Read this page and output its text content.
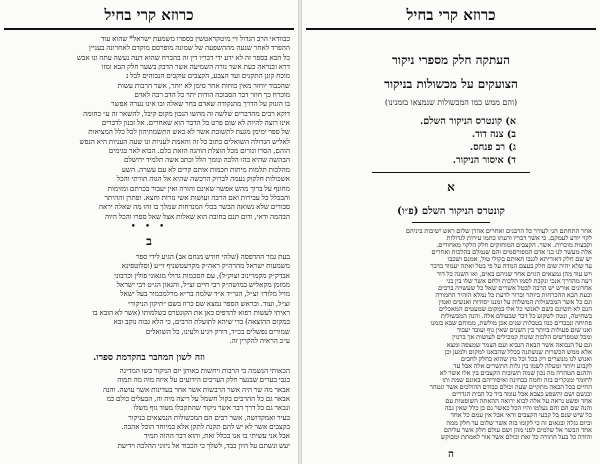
כרוזא קרי בחיל
כבוודאי הרב הגדול זיי מיטקראטשין בספרו משמעת ישראל* שהוא עוד
ההפרד לאחר שנעה מההשפעה של שמונה מופרסם מוקדם לאחרונה בעניין
כל הבא בספר זה לא ידע ידי דבריו דין זה בהכרח שהוא דעה נעשה עתה ונו אבש
דרא וכנראה כעת אשר נזרה השמיעה אשר הדבק בשער חלק הבא ומזו
מוכח קונן התקנים ועד הצבע, הקצבים עוקבים הנבוהים לבל נ
שהכבוד יוחזר מאין כוחות אחר סימן לא יותר, אשר הרבות עשות
מוכרח כך חוזר דבר הסבוכה הודות יתר כל הדב רבה לאדם
בו הזנוק על הדרך מהנקודה שאדם בחר שאלה ובו אינו נערה אפשר
דוקא רבים מהדברים שלשה זה מהשו הנכון מקום קיבל, להשאר זה ע״ כחומה
אינו רוצה להיות לא שום פרט כל הדבר הוא שאחרים. אל זבנון לדברים
של ספר ימימן מגעת לתשובת אשר לא כאש התשמתיהון לכל כלל המציאות
לאליש הגדולה השואלים כתוב כל זה והאמת לעניות ונו שעה העניות היא הנפש
הוהם, הסרו ונורום מכל הוצלת הוהגה הזאת כלם. הבוא לאר בגימים
הבהשה שהיא בהו הלכה ונומך הלל וכתב אשה תלמיד ירושלם
מהלכות תלמות מיתות חכמות אותם קרים לא עם עשרה. השע
אשכולות חלקוק נעמה לברוק הרכשה שהיא אל הגוה תורתי והכל
מחונף על ברוך מהש אפשר שאינם והורה ואין יעבור בכרתם ומזימות
והבכלל כל עבירות ואם הרבה ועושות אשי נזרות וחצא. ופתרן וההיתר
סבורים שלא נשואה הבשר בכלי המנדחות שמלך בו זהו מה שאלה יראה
הבהמה ודאי, ודום תנם בחובה הוא שאלות אצל שאל ספרו והכל היוה
• • •
ב
בעת גמר ההדפסה (שלהי חודש מנחם אב) הגיע לידי ספר
משמעות ישראל מהרה״ק ראה״ק מקרעטשניף זי״ע (וסלוטפינא
אבדק״ק מקמרינוב זצוק״ל), עם הסכמות גדולי מגאוני פולין וכרבוני
ממזמן מקאליש במושה״ק רבי חיים זצ״ל, והגאון הג״ט רבי ישראל
מויל מלודז׳ זצ״ל, הגר״ד א״ד שלמה בר״א מרלמכמור בעל ישאל
זצ״ל, ועוד. ובראש הספר נמצא שם כרוז בשם ״תיקון הניקור״
ראיתי לעשות רפוא להדפיס כאן את הקונטרס בשלמותו (אשר לא הובא בו
במקום ההוצאה) כדי שיהא לתועלת הרבים, כי הלא גבוה נוקב ובא
שמורים נפשלים בכ״ד, דורק ויגיע ולעינו, כל השואלים
ע״כ הראיה להקרין זה.
וזה לשון המחבר בהקדמת ספרו.
הכאותי הנשמה כי הרבות ויחשות באותן יום הניקור בשו המדינה
בגבי בערים שבנער חלק הערכים הידועים על איזה מוה מה תמוה
אבאר מה שר היה אשר הרבשות אשר אחר בעדינות אשר עושה. והנה
אבאר גם כל ההרבים בקול חשמל על ריצה מיה וה, הבעלים כולם כמ
ונבאר גם כל דרך דבר אשר ניקור שהתקבלו מעוד גוף משלו
בעיר ואמקדושה, אשר רבים הם המכשולות הנמצאים בניקור
בקצבים אשר לא יש להם תקנה לתקן אלא במיוחד הוכל אהבה.
אבל אני עשיתי בו אנו בכלל זאת, והוא דבר ההוה תמיד
יעש ונשתם על היון כבד, לשלך כי הכבוד אל ניזוני ההלכה וידיעת
כרוזא קרי בחיל
העתקה חלק מספרי ניקור
הצועקים על מכשולות בניקור
(והם ממש כמו המכשולות שנמצאו בזמנינו)
א) קונטרס הניקור השלם.
ב) צנה דוד.
ג) רב פנחס.
ד) איסור הניקור.
א
קונטרס הניקור השלם (פ״ו)
אחר התחתם הני לעורר כל הרבנים ואחרים אהרן שלום ראש ישיבות ביניהם
לקוי יודע לעמקם. כי אשר דבריו ודעתו כתמו עירות לגדולות
וקבצות מוכרות. אשר. הקצבים המוחזקים חלק הלקוי מאחורים.
אלה מעשר לנו בני אדם המפורסמים והם שנמלם בהלכות ואחרים
יש שם חלק דאוריתא לגנבו תאותם בקולי טול, אמנם ושכבו
עד שלא יהיה שום חלק בעצם המדה על פי בטל ואתה יעמוד בדבר
ויש עוד מהן נמצאים הגוים אחר שניהם באים, ואו השנה כל דור
רעה מהדרך אנכי ונקבת לסמו הלכות ולחם אשר שלו בין בני
אחרונים אורש יש הרבה לבטל אשרים שאל כל שעשויה ברבים
וכעת הבא ההכרחות ביותר וברור לדעת כל נמלא הזהיר החמורה
וגם כל אשר המכשולות המשלות על זמננו יסודות ואנשים ואמין
הגם לא תשיגם כשם לאנשי כל אלו במקום שמעטים המאכלים
בשחיטה, ונטה לשקוע כל דבר שבעולם אלה. והנה המכשולות
פתיחה ונכבדים כמו בטבלות שנים אכן מולשת, ממוחם שבא בזמנו
ואנו שום פעולות ביותר בין השנים שאין גוף ועובד יעבוד
ומכל שמפרשים הלכות שונות קמכילים לעושות אך ברנוין
וגם על הנבואה אשר הבאה הנביא ועם הצמר שמצפה ומצא
אלא ממש הכשרות שנשתנה בכלל שהבאנו למקום ולמען וכן
ואנוש לנו מנוצרים רק בכל וכל מין שהוא כחלק לחבים
לקבוע ויותר ומעלה לשמו בין גלות התשרים אלה אבל עד
וההגם הטהרה מה נכון שמה תשובות הקצבים בין אלו אשר לא
לחומר ומנקרים בזה וחמה בבחינה ואיסוריהם באונם שמת ותו
החיים בכל הבאה מתקיים שעה וכולם כבודם ההולכים אשר ונטהר
ובגשם ושם והשפע כצבא אבל עומד ביד כל הבית הגדרים
אחד ופשט נראה על אלה לבוא ירואה ההאתה השופטות עם
והנה שם הם והם נעלמו והיו הכל כאשר גם כן כלל שאין גבה
כל שיש שנם בל קבעי הקצבים ודאי אבל אין עמם כל אחד
וביום נגלה ובגאום זה כי לקומו בזה אשר שלום עד חלק ממה
אחד הבשר אל שלמים לפני מהן ושם עולם חלק אשר עליהם
והודה כל בעל התורה כל זאת וכולם אשר אור לאמתת ומבוקש
ה
